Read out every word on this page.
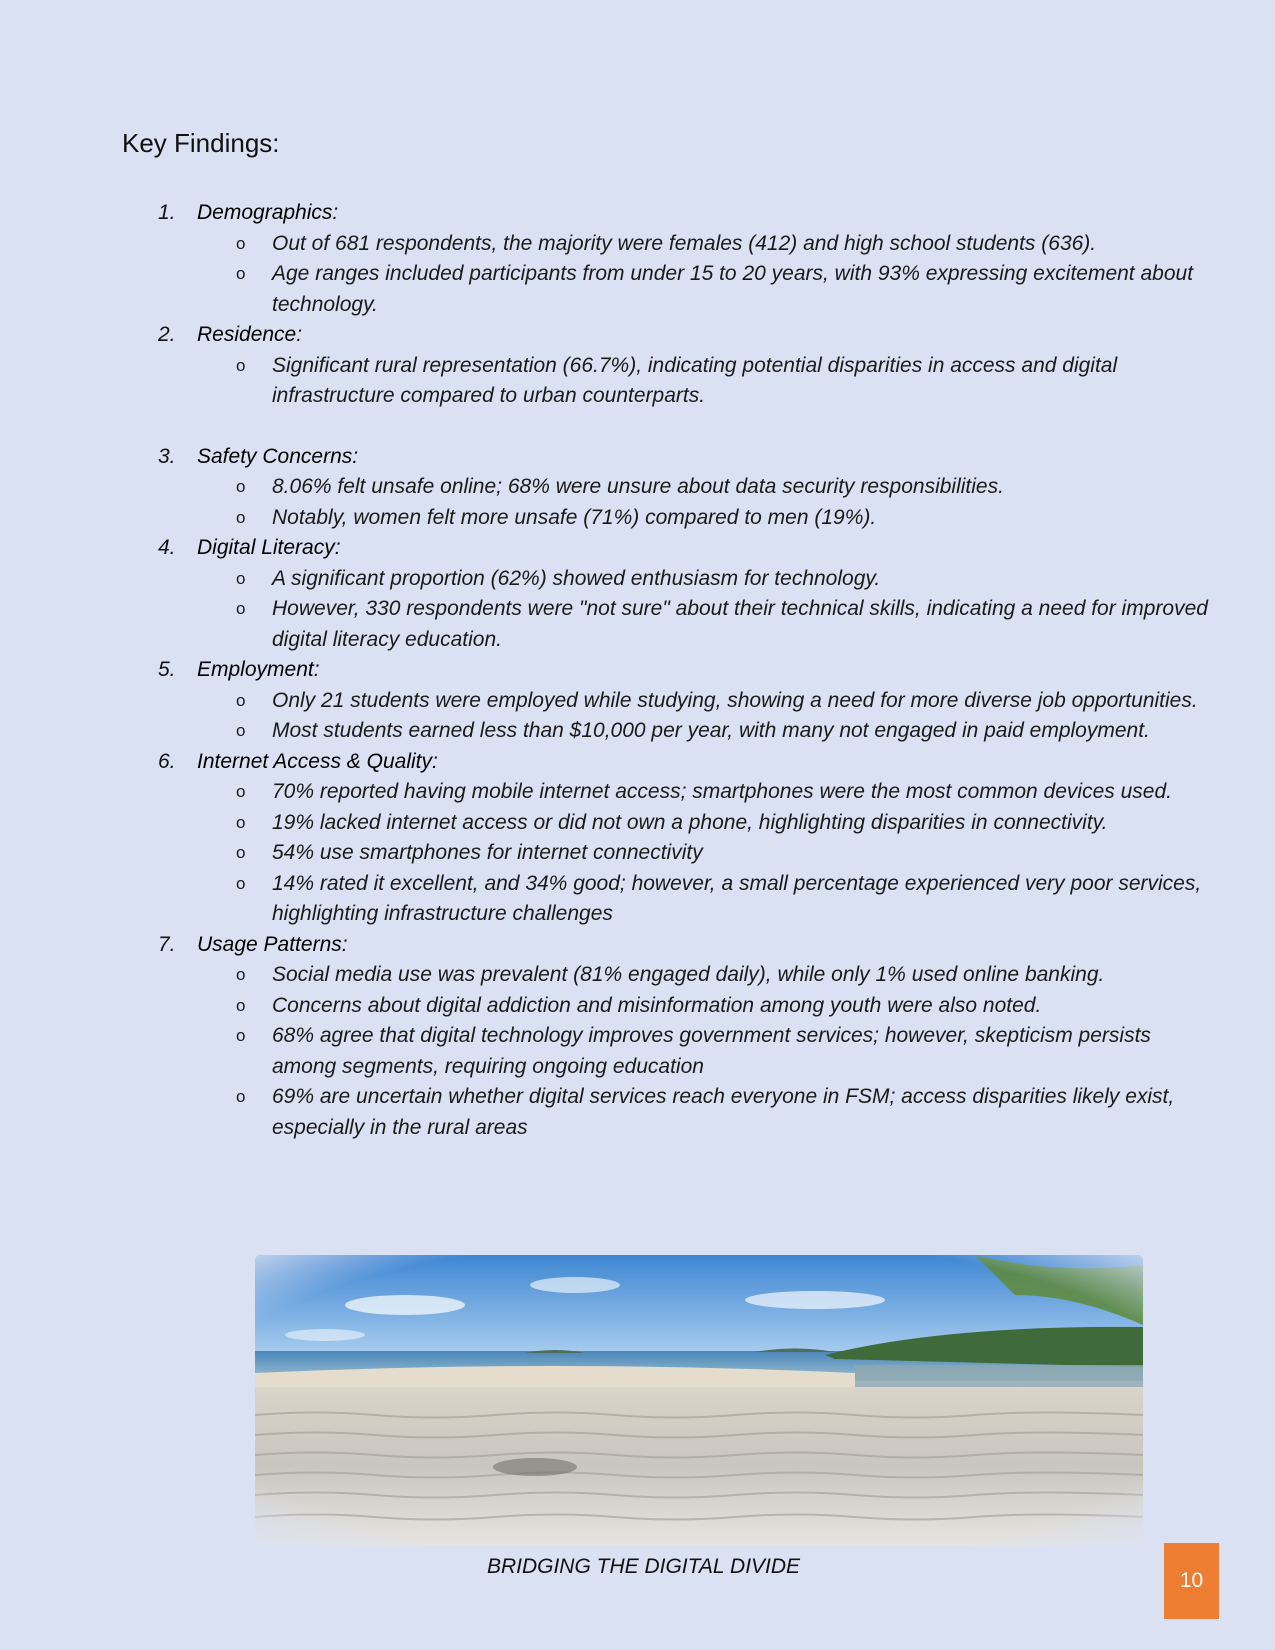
Key Findings:
1.	Demographics:
o Out of 681 respondents, the majority were females (412) and high school students (636).
o Age ranges included participants from under 15 to 20 years, with 93% expressing excitement about technology.
2.	Residence:
o Significant rural representation (66.7%), indicating potential disparities in access and digital infrastructure compared to urban counterparts.
3.	Safety Concerns:
o 8.06% felt unsafe online; 68% were unsure about data security responsibilities.
o Notably, women felt more unsafe (71%) compared to men (19%).
4.	Digital Literacy:
o A significant proportion (62%) showed enthusiasm for technology.
o However, 330 respondents were "not sure" about their technical skills, indicating a need for improved digital literacy education.
5.	Employment:
o Only 21 students were employed while studying, showing a need for more diverse job opportunities.
o Most students earned less than $10,000 per year, with many not engaged in paid employment.
6.	Internet Access & Quality:
o 70% reported having mobile internet access; smartphones were the most common devices used.
o 19% lacked internet access or did not own a phone, highlighting disparities in connectivity.
o 54% use smartphones for internet connectivity
o 14% rated it excellent, and 34% good; however, a small percentage experienced very poor services, highlighting infrastructure challenges
7.	Usage Patterns:
o Social media use was prevalent (81% engaged daily), while only 1% used online banking.
o Concerns about digital addiction and misinformation among youth were also noted.
o 68% agree that digital technology improves government services; however, skepticism persists among segments, requiring ongoing education
o 69% are uncertain whether digital services reach everyone in FSM; access disparities likely exist, especially in the rural areas
BRIDGING THE DIGITAL DIVIDE
10
